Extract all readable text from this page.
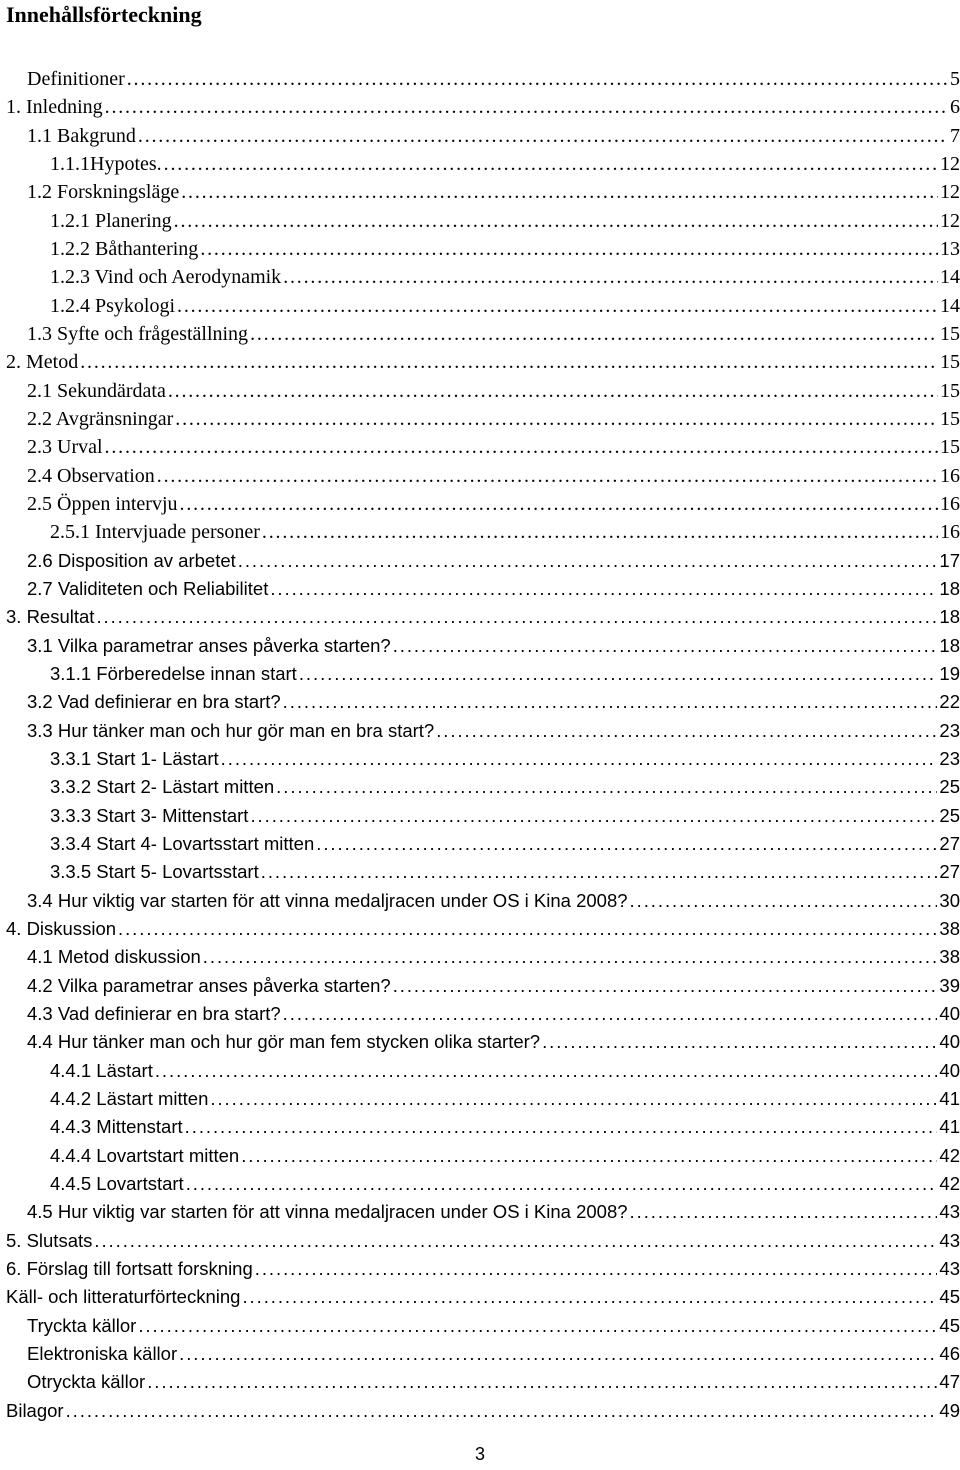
Innehållsförteckning
Definitioner . . .	5
1. Inledning . . .	6
1.1 Bakgrund . . .	7
1.1.1Hypotes. . . .	12
1.2 Forskningsläge . . .	12
1.2.1 Planering . . .	12
1.2.2 Båthantering . . .	13
1.2.3 Vind och Aerodynamik . . .	14
1.2.4 Psykologi . . .	14
1.3 Syfte och frågeställning . . .	15
2. Metod . . .	15
2.1 Sekundärdata . . .	15
2.2 Avgränsningar . . .	15
2.3 Urval . . .	15
2.4 Observation . . .	16
2.5 Öppen intervju . . .	16
2.5.1 Intervjuade personer . . .	16
2.6 Disposition av arbetet . . .	17
2.7 Validiteten och Reliabilitet . . .	18
3. Resultat . . .	18
3.1 Vilka parametrar anses påverka starten? . . .	18
3.1.1 Förberedelse innan start . . .	19
3.2 Vad definierar en bra start? . . .	22
3.3 Hur tänker man och hur gör man en bra start? . . .	23
3.3.1 Start 1- Lästart . . .	23
3.3.2 Start 2- Lästart mitten . . .	25
3.3.3 Start 3- Mittenstart . . .	25
3.3.4 Start 4- Lovartsstart mitten . . .	27
3.3.5 Start 5- Lovartsstart . . .	27
3.4 Hur viktig var starten för att vinna medaljracen under OS i Kina 2008? . . .	30
4. Diskussion . . .	38
4.1 Metod diskussion . . .	38
4.2 Vilka parametrar anses påverka starten? . . .	39
4.3 Vad definierar en bra start? . . .	40
4.4 Hur tänker man och hur gör man fem stycken olika starter? . . .	40
4.4.1 Lästart . . .	40
4.4.2 Lästart mitten . . .	41
4.4.3 Mittenstart . . .	41
4.4.4 Lovartstart mitten . . .	42
4.4.5 Lovartstart . . .	42
4.5 Hur viktig var starten för att vinna medaljracen under OS i Kina 2008? . . .	43
5. Slutsats . . .	43
6. Förslag till fortsatt forskning . . .	43
Käll- och litteraturförteckning . . .	45
Tryckta källor . . .	45
Elektroniska källor . . .	46
Otryckta källor . . .	47
Bilagor . . .	49
3
